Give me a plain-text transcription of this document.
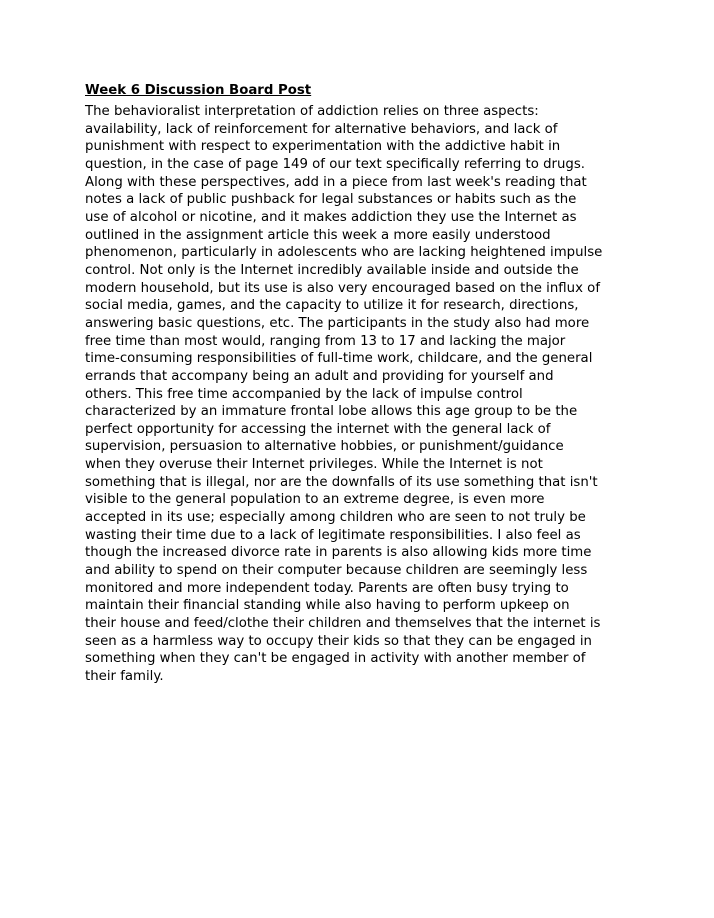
Week 6 Discussion Board Post
The behavioralist interpretation of addiction relies on three aspects:
availability, lack of reinforcement for alternative behaviors, and lack of
punishment with respect to experimentation with the addictive habit in
question, in the case of page 149 of our text specifically referring to drugs.
Along with these perspectives, add in a piece from last week's reading that
notes a lack of public pushback for legal substances or habits such as the
use of alcohol or nicotine, and it makes addiction they use the Internet as
outlined in the assignment article this week a more easily understood
phenomenon, particularly in adolescents who are lacking heightened impulse
control. Not only is the Internet incredibly available inside and outside the
modern household, but its use is also very encouraged based on the influx of
social media, games, and the capacity to utilize it for research, directions,
answering basic questions, etc. The participants in the study also had more
free time than most would, ranging from 13 to 17 and lacking the major
time-consuming responsibilities of full-time work, childcare, and the general
errands that accompany being an adult and providing for yourself and
others. This free time accompanied by the lack of impulse control
characterized by an immature frontal lobe allows this age group to be the
perfect opportunity for accessing the internet with the general lack of
supervision, persuasion to alternative hobbies, or punishment/guidance
when they overuse their Internet privileges. While the Internet is not
something that is illegal, nor are the downfalls of its use something that isn't
visible to the general population to an extreme degree, is even more
accepted in its use; especially among children who are seen to not truly be
wasting their time due to a lack of legitimate responsibilities. I also feel as
though the increased divorce rate in parents is also allowing kids more time
and ability to spend on their computer because children are seemingly less
monitored and more independent today. Parents are often busy trying to
maintain their financial standing while also having to perform upkeep on
their house and feed/clothe their children and themselves that the internet is
seen as a harmless way to occupy their kids so that they can be engaged in
something when they can't be engaged in activity with another member of
their family.
